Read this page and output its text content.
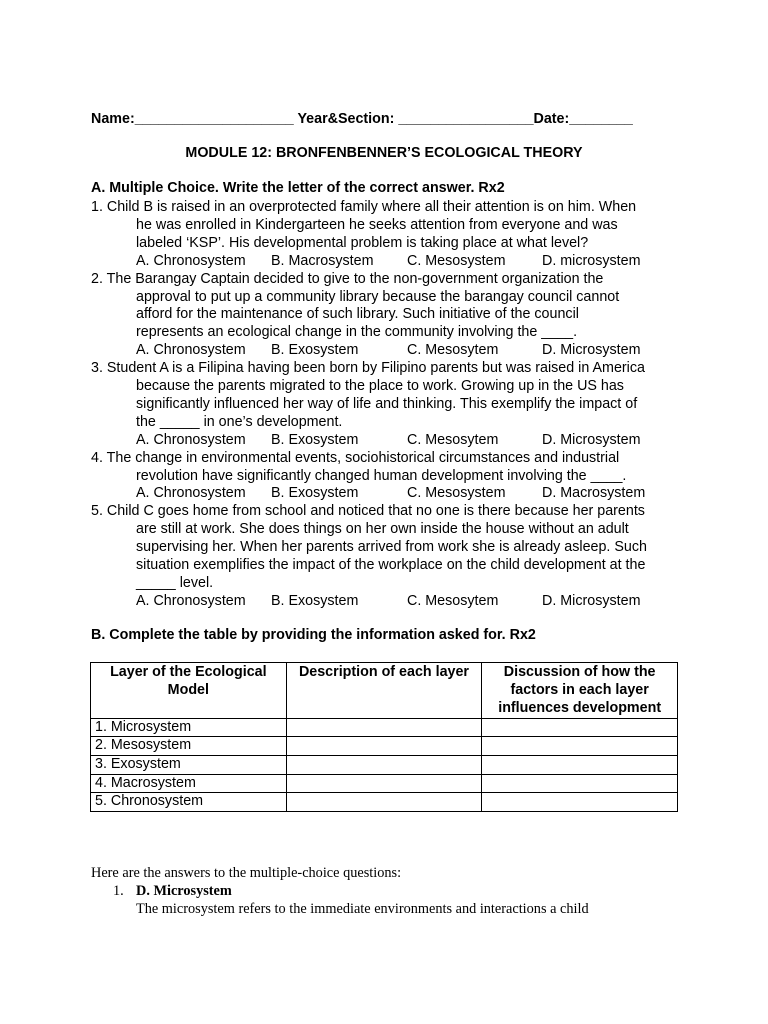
Name:____________________ Year&Section: _________________Date:________
MODULE 12: BRONFENBENNER’S ECOLOGICAL THEORY
A. Multiple Choice. Write the letter of the correct answer. Rx2
1. Child B is raised in an overprotected family where all their attention is on him. When
he was enrolled in Kindergarteen he seeks attention from everyone and was
labeled ‘KSP’. His developmental problem is taking place at what level?
A. Chronosystem B. Macrosystem C. Mesosystem	D. microsystem
2. The Barangay Captain decided to give to the non-government organization the
approval to put up a community library because the barangay council cannot
afford for the maintenance of such library. Such initiative of the council
represents an ecological change in the community involving the ____.
A. Chronosystem B. Exosystem	C. Mesosytem	D. Microsystem
3. Student A is a Filipina having been born by Filipino parents but was raised in America
because the parents migrated to the place to work. Growing up in the US has
significantly influenced her way of life and thinking. This exemplify the impact of
the _____ in one’s development.
A. Chronosystem B. Exosystem	C. Mesosytem	D. Microsystem
4. The change in environmental events, sociohistorical circumstances and industrial
revolution have significantly changed human development involving the ____.
A. Chronosystem B. Exosystem	C. Mesosystem	D. Macrosystem
5. Child C goes home from school and noticed that no one is there because her parents
are still at work. She does things on her own inside the house without an adult
supervising her. When her parents arrived from work she is already asleep. Such
situation exemplifies the impact of the workplace on the child development at the
_____ level.
A. Chronosystem B. Exosystem	C. Mesosytem	D. Microsystem
B. Complete the table by providing the information asked for. Rx2
Layer of the Ecological Model	Description of each layer	Discussion of how the factors in each layer influences development
1. Microsystem		
2. Mesosystem		
3. Exosystem		
4. Macrosystem		
5. Chronosystem		
Here are the answers to the multiple-choice questions:
1. D. Microsystem
The microsystem refers to the immediate environments and interactions a child
